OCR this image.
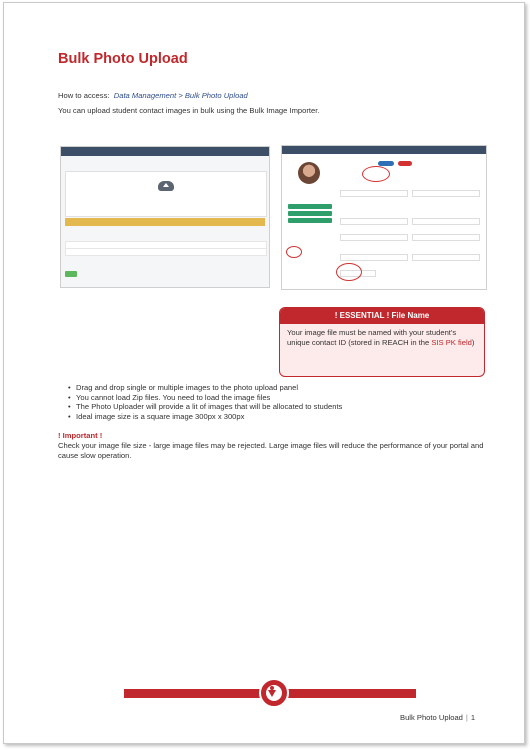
Bulk Photo Upload
How to access: Data Management > Bulk Photo Upload
You can upload student contact images in bulk using the Bulk Image Importer.
! ESSENTIAL ! File Name
Your image file must be named with your student's unique contact ID (stored in REACH in the SIS PK field)
• Drag and drop single or multiple images to the photo upload panel
• You cannot load Zip files. You need to load the image files
• The Photo Uploader will provide a lit of images that will be allocated to students
• Ideal image size is a square image 300px x 300px
! Important !
Check your image file size - large image files may be rejected. Large image files will reduce the performance of your portal and cause slow operation.
Bulk Photo Upload | 1
